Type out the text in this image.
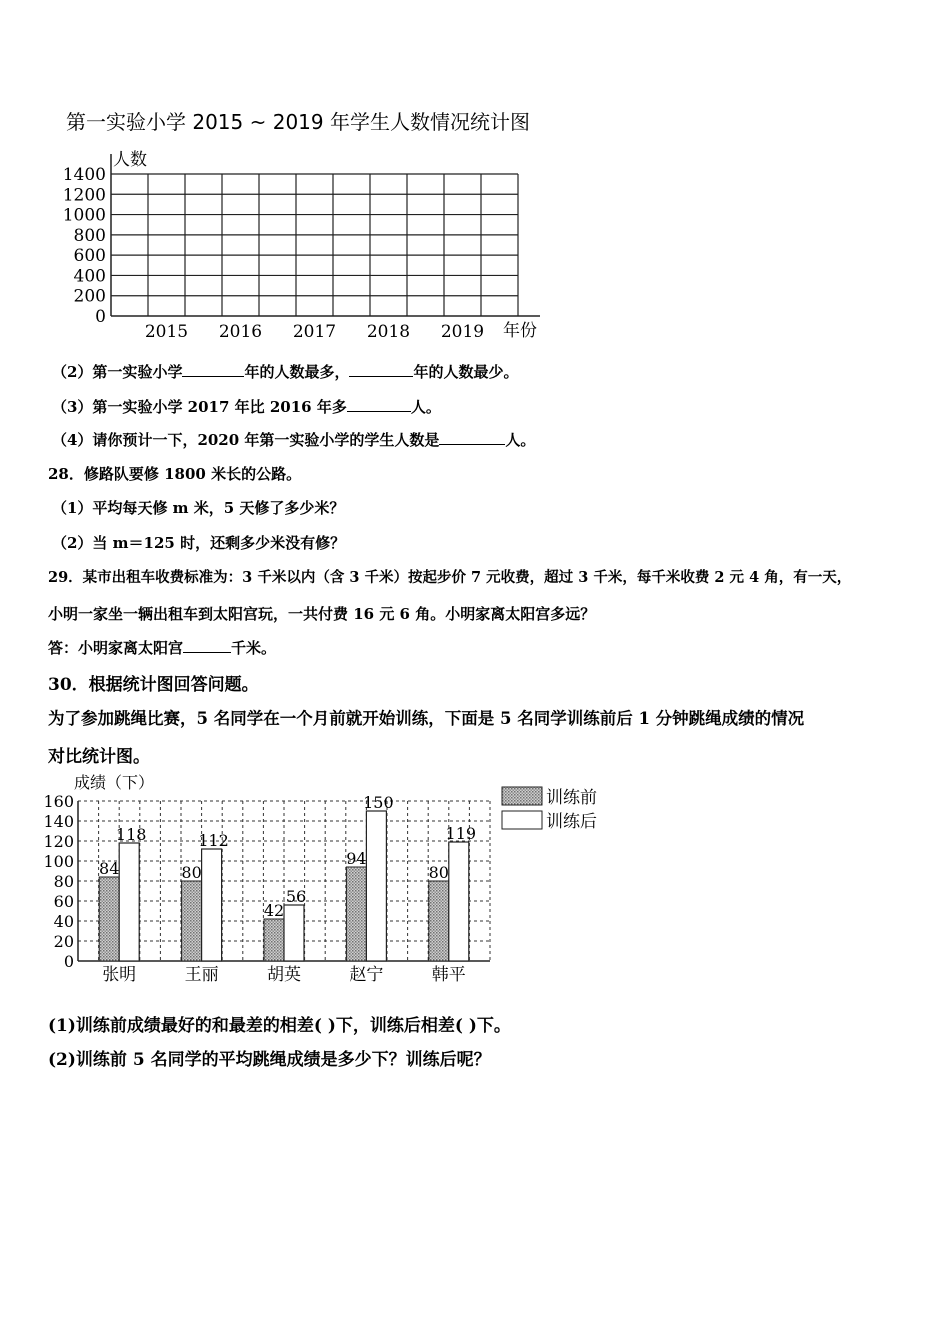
第一实验小学 2015 ~ 2019 年学生人数情况统计图
0
200
400
600
800
1000
1200
1400
2015 2016 2017 2018 2019
人数
年份
（2）第一实验小学	年的人数最多，	年的人数最少。
（3）第一实验小学 2017 年比 2016 年多	人。
（4）请你预计一下，2020 年第一实验小学的学生人数是	人。
28．修路队要修 1800 米长的公路。
（1）平均每天修 m 米，5 天修了多少米？
（2）当 m＝125 时，还剩多少米没有修？
29．某市出租车收费标准为：3 千米以内（含 3 千米）按起步价 7 元收费，超过 3 千米，每千米收费 2 元 4 角，有一天，
小明一家坐一辆出租车到太阳宫玩，一共付费 16 元 6 角。小明家离太阳宫多远？
答：小明家离太阳宫	千米。
30．根据统计图回答问题。
为了参加跳绳比赛，5 名同学在一个月前就开始训练，下面是 5 名同学训练前后 1 分钟跳绳成绩的情况
对比统计图。
成绩（下）
0
20
40
60
80
100
120
140
160
84
118
80
112
42
56
94
150
80
119
张明	王丽	胡英	赵宁	韩平
训练前
训练后
(1)训练前成绩最好的和最差的相差( )下，训练后相差( )下。
(2)训练前 5 名同学的平均跳绳成绩是多少下？训练后呢？
